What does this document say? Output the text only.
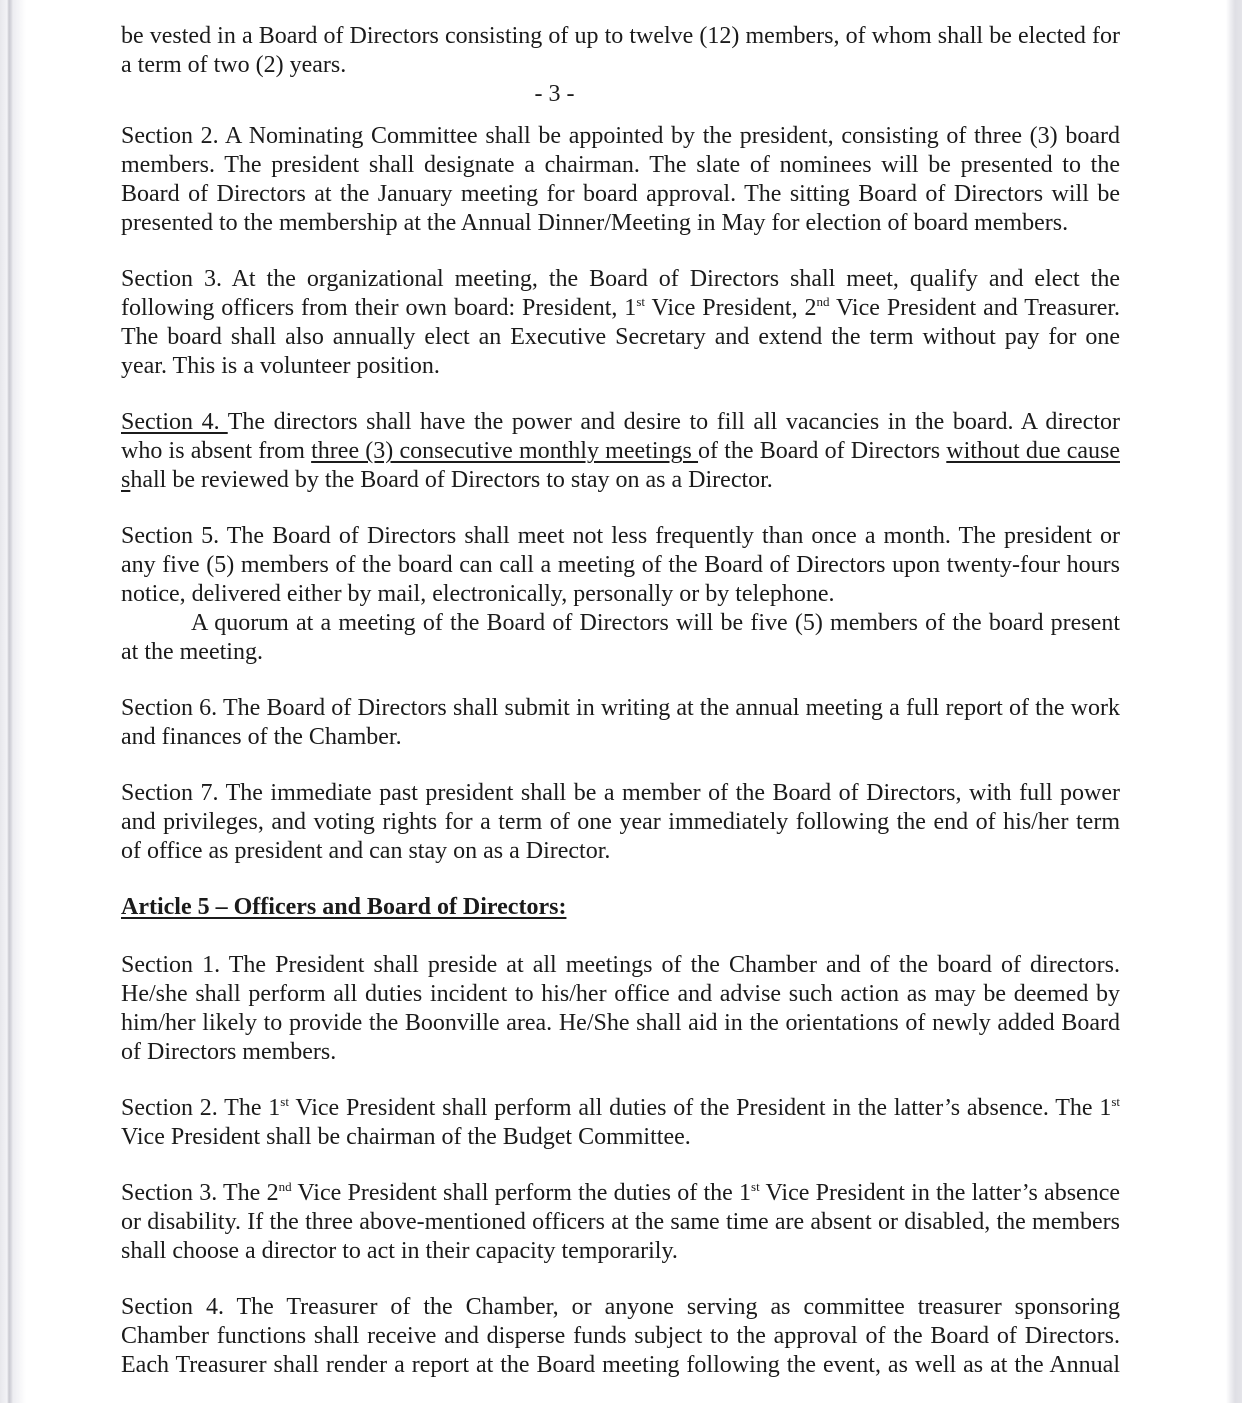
be vested in a Board of Directors consisting of up to twelve (12) members, of whom shall be elected for a term of two (2) years.

- 3 -

Section 2. A Nominating Committee shall be appointed by the president, consisting of three (3) board members. The president shall designate a chairman. The slate of nominees will be presented to the Board of Directors at the January meeting for board approval. The sitting Board of Directors will be presented to the membership at the Annual Dinner/Meeting in May for election of board members.

Section 3. At the organizational meeting, the Board of Directors shall meet, qualify and elect the following officers from their own board: President, 1st Vice President, 2nd Vice President and Treasurer. The board shall also annually elect an Executive Secretary and extend the term without pay for one year. This is a volunteer position.

Section 4. The directors shall have the power and desire to fill all vacancies in the board. A director who is absent from three (3) consecutive monthly meetings of the Board of Directors without due cause shall be reviewed by the Board of Directors to stay on as a Director.

Section 5. The Board of Directors shall meet not less frequently than once a month. The president or any five (5) members of the board can call a meeting of the Board of Directors upon twenty-four hours notice, delivered either by mail, electronically, personally or by telephone.

A quorum at a meeting of the Board of Directors will be five (5) members of the board present at the meeting.

Section 6. The Board of Directors shall submit in writing at the annual meeting a full report of the work and finances of the Chamber.

Section 7. The immediate past president shall be a member of the Board of Directors, with full power and privileges, and voting rights for a term of one year immediately following the end of his/her term of office as president and can stay on as a Director.

Article 5 – Officers and Board of Directors:

Section 1. The President shall preside at all meetings of the Chamber and of the board of directors. He/she shall perform all duties incident to his/her office and advise such action as may be deemed by him/her likely to provide the Boonville area. He/She shall aid in the orientations of newly added Board of Directors members.

Section 2. The 1st Vice President shall perform all duties of the President in the latter’s absence. The 1st Vice President shall be chairman of the Budget Committee.

Section 3. The 2nd Vice President shall perform the duties of the 1st Vice President in the latter’s absence or disability. If the three above-mentioned officers at the same time are absent or disabled, the members shall choose a director to act in their capacity temporarily.

Section 4. The Treasurer of the Chamber, or anyone serving as committee treasurer sponsoring Chamber functions shall receive and disperse funds subject to the approval of the Board of Directors. Each Treasurer shall render a report at the Board meeting following the event, as well as at the Annual
